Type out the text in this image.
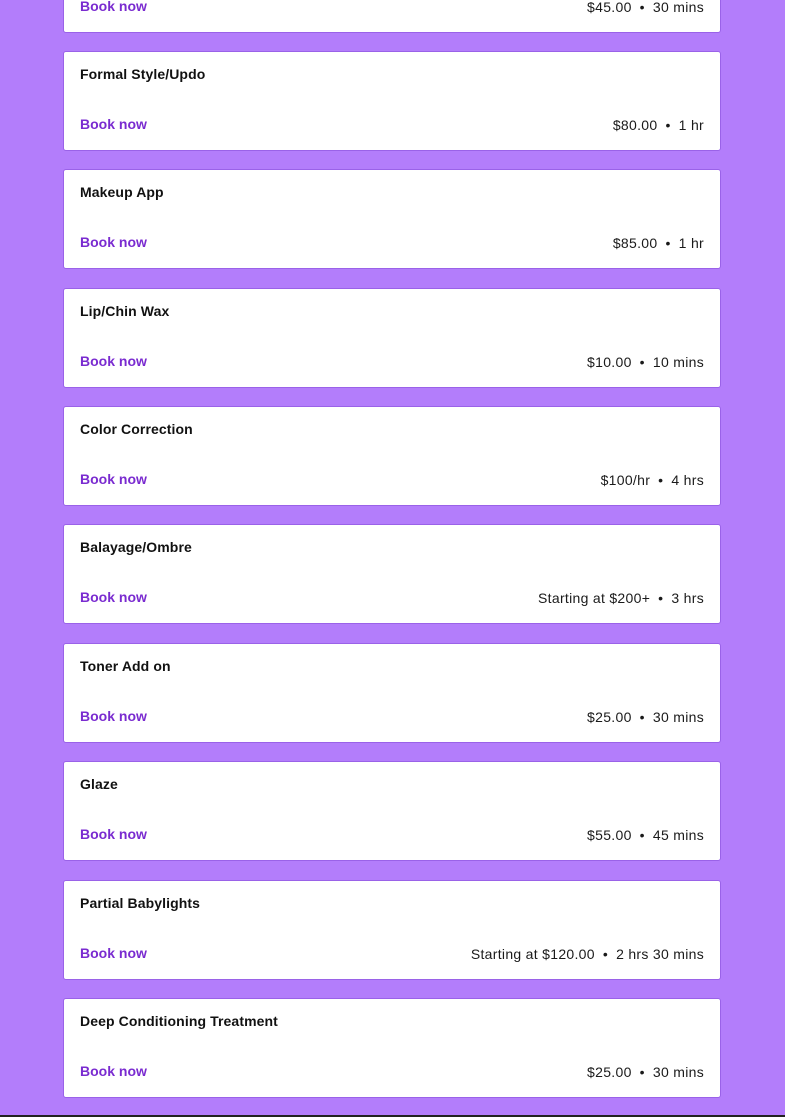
Book now	$45.00 • 30 mins
Formal Style/Updo
Book now	$80.00 • 1 hr
Makeup App
Book now	$85.00 • 1 hr
Lip/Chin Wax
Book now	$10.00 • 10 mins
Color Correction
Book now	$100/hr • 4 hrs
Balayage/Ombre
Book now	Starting at $200+ • 3 hrs
Toner Add on
Book now	$25.00 • 30 mins
Glaze
Book now	$55.00 • 45 mins
Partial Babylights
Book now	Starting at $120.00 • 2 hrs 30 mins
Deep Conditioning Treatment
Book now	$25.00 • 30 mins
